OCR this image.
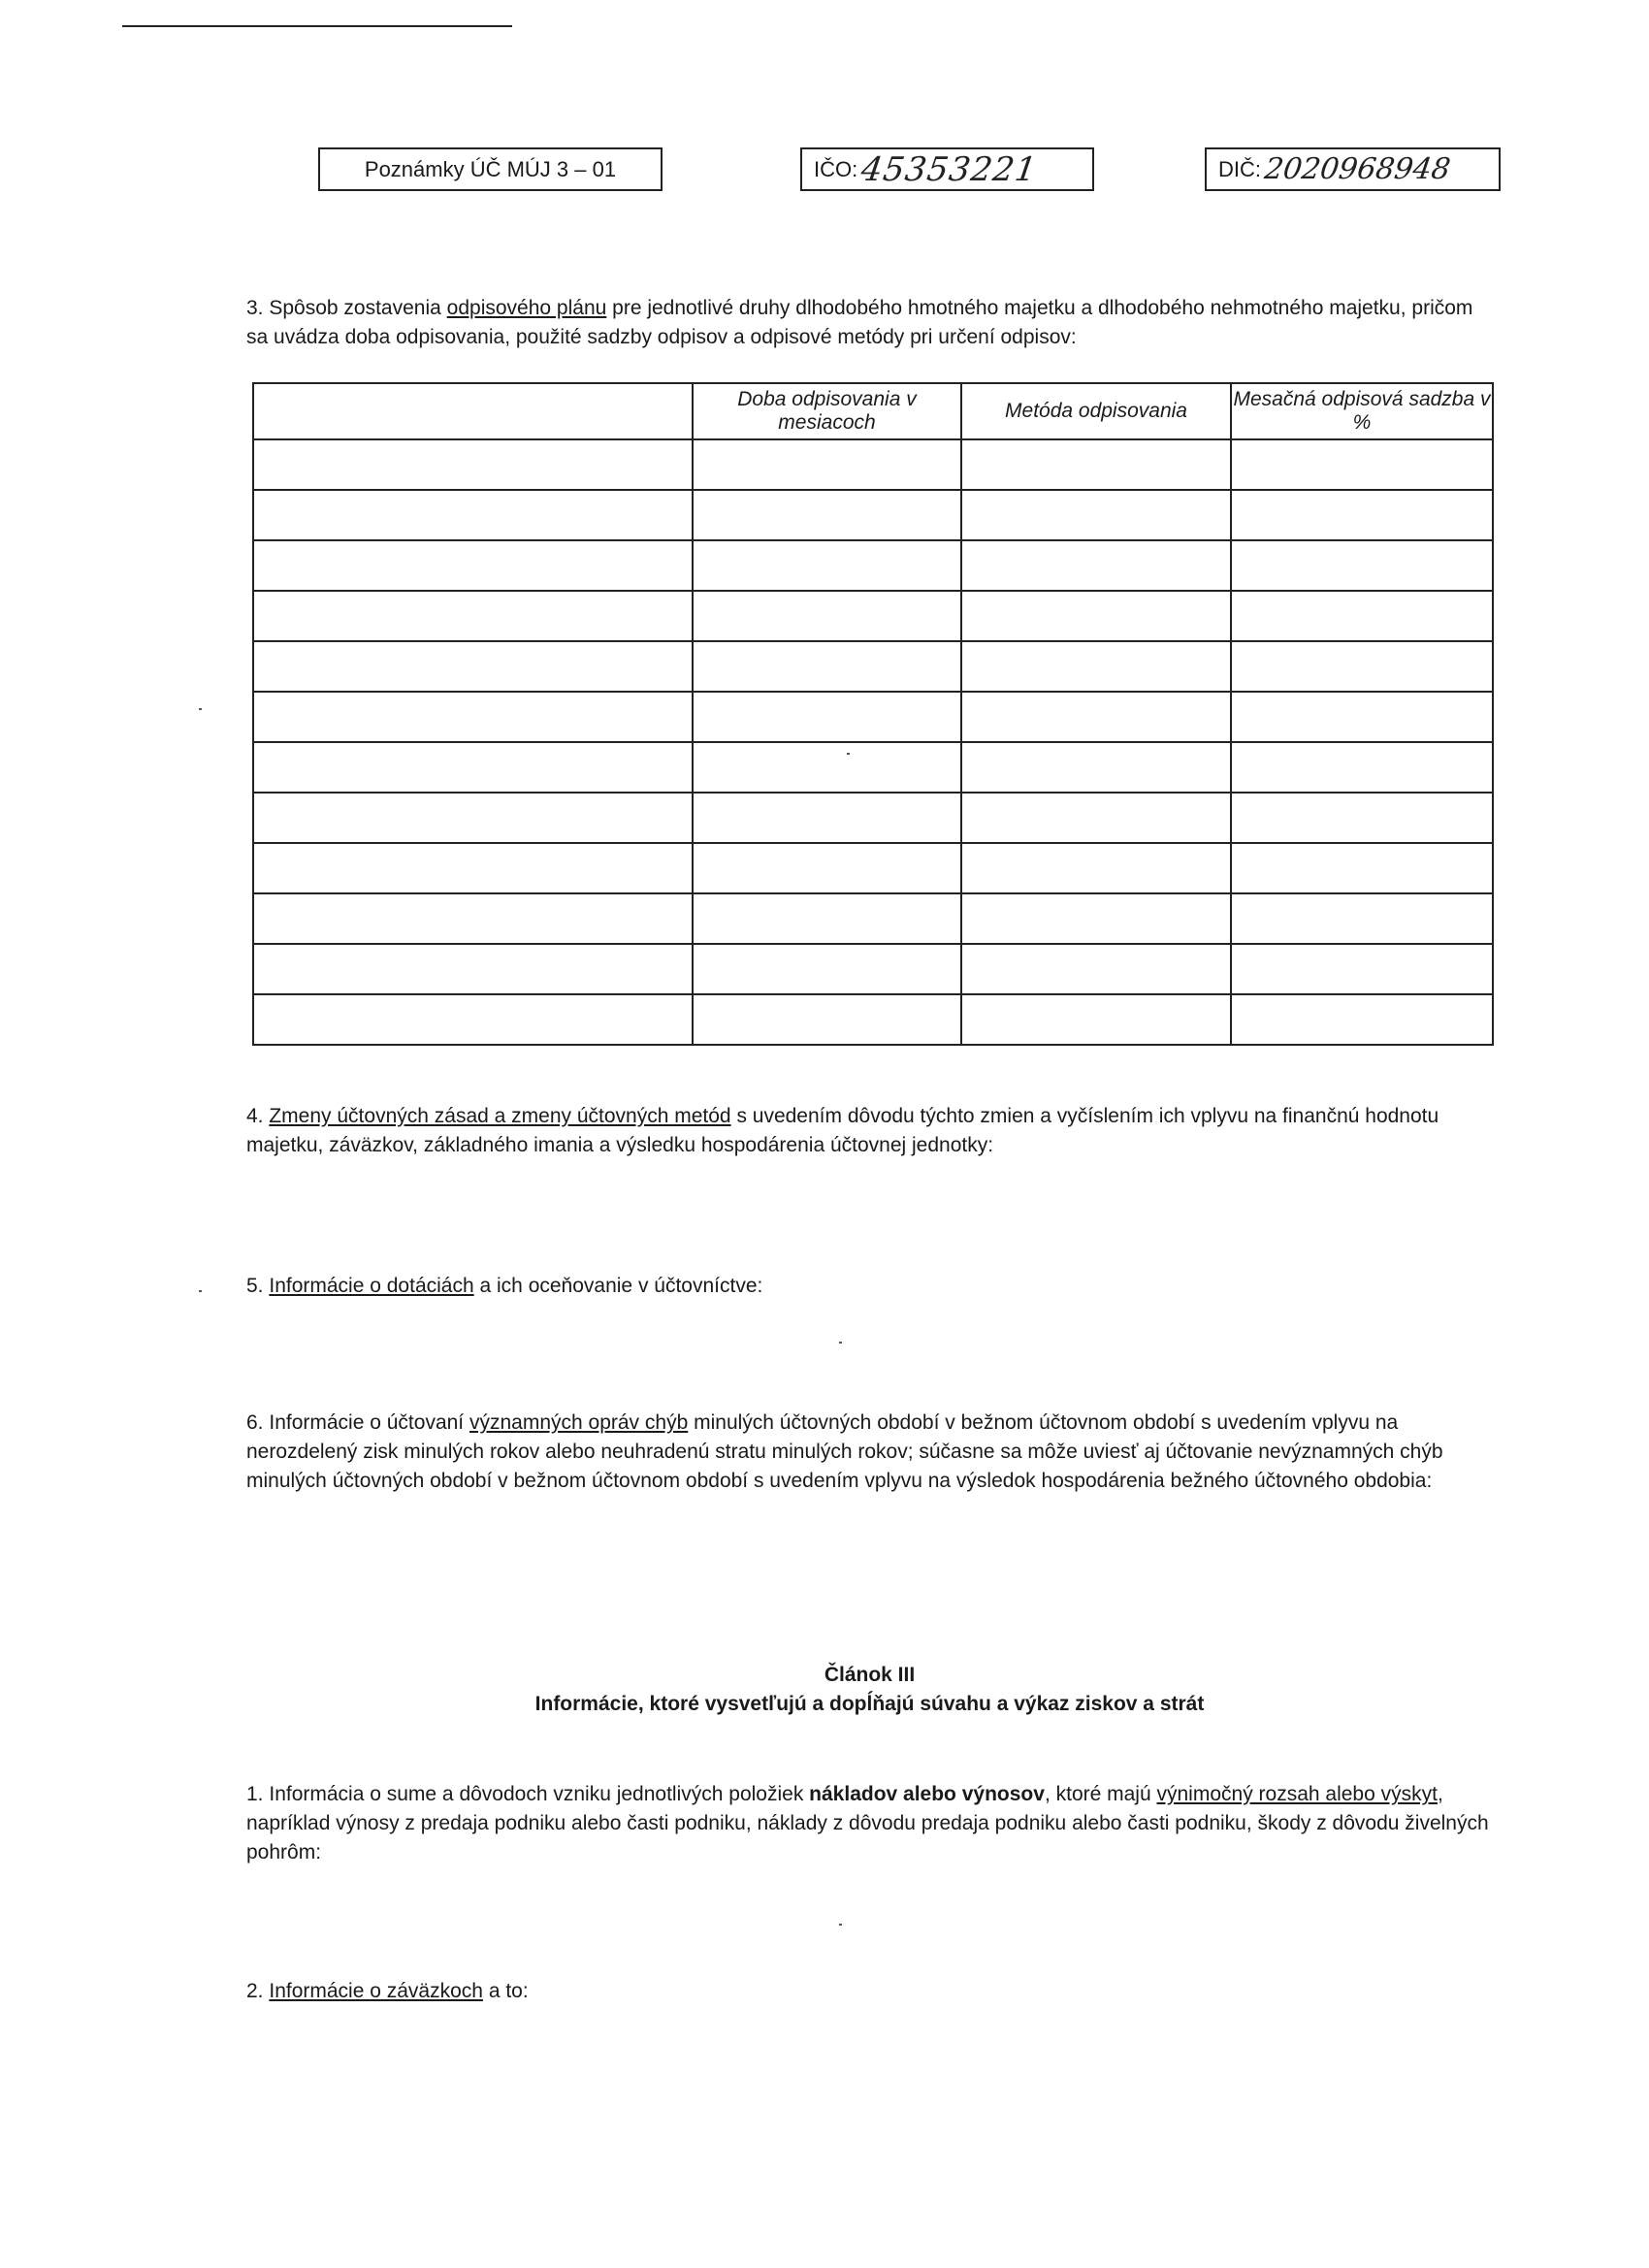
Poznámky ÚČ MÚJ 3 – 01	IČO: 45353221	DIČ: 2020968948
3. Spôsob zostavenia odpisového plánu pre jednotlivé druhy dlhodobého hmotného majetku a dlhodobého nehmotného majetku, pričom sa uvádza doba odpisovania, použité sadzby odpisov a odpisové metódy pri určení odpisov:
	Doba odpisovania v mesiacoch	Metóda odpisovania	Mesačná odpisová sadzba v %

4. Zmeny účtovných zásad a zmeny účtovných metód s uvedením dôvodu týchto zmien a vyčíslením ich vplyvu na finančnú hodnotu majetku, záväzkov, základného imania a výsledku hospodárenia účtovnej jednotky:
5. Informácie o dotáciách a ich oceňovanie v účtovníctve:
6. Informácie o účtovaní významných opráv chýb minulých účtovných období v bežnom účtovnom období s uvedením vplyvu na nerozdelený zisk minulých rokov alebo neuhradenú stratu minulých rokov; súčasne sa môže uviesť aj účtovanie nevýznamných chýb minulých účtovných období v bežnom účtovnom období s uvedením vplyvu na výsledok hospodárenia bežného účtovného obdobia:
Článok III
Informácie, ktoré vysvetľujú a dopĺňajú súvahu a výkaz ziskov a strát
1. Informácia o sume a dôvodoch vzniku jednotlivých položiek nákladov alebo výnosov, ktoré majú výnimočný rozsah alebo výskyt, napríklad výnosy z predaja podniku alebo časti podniku, náklady z dôvodu predaja podniku alebo časti podniku, škody z dôvodu živelných pohrôm:
2. Informácie o záväzkoch a to:
